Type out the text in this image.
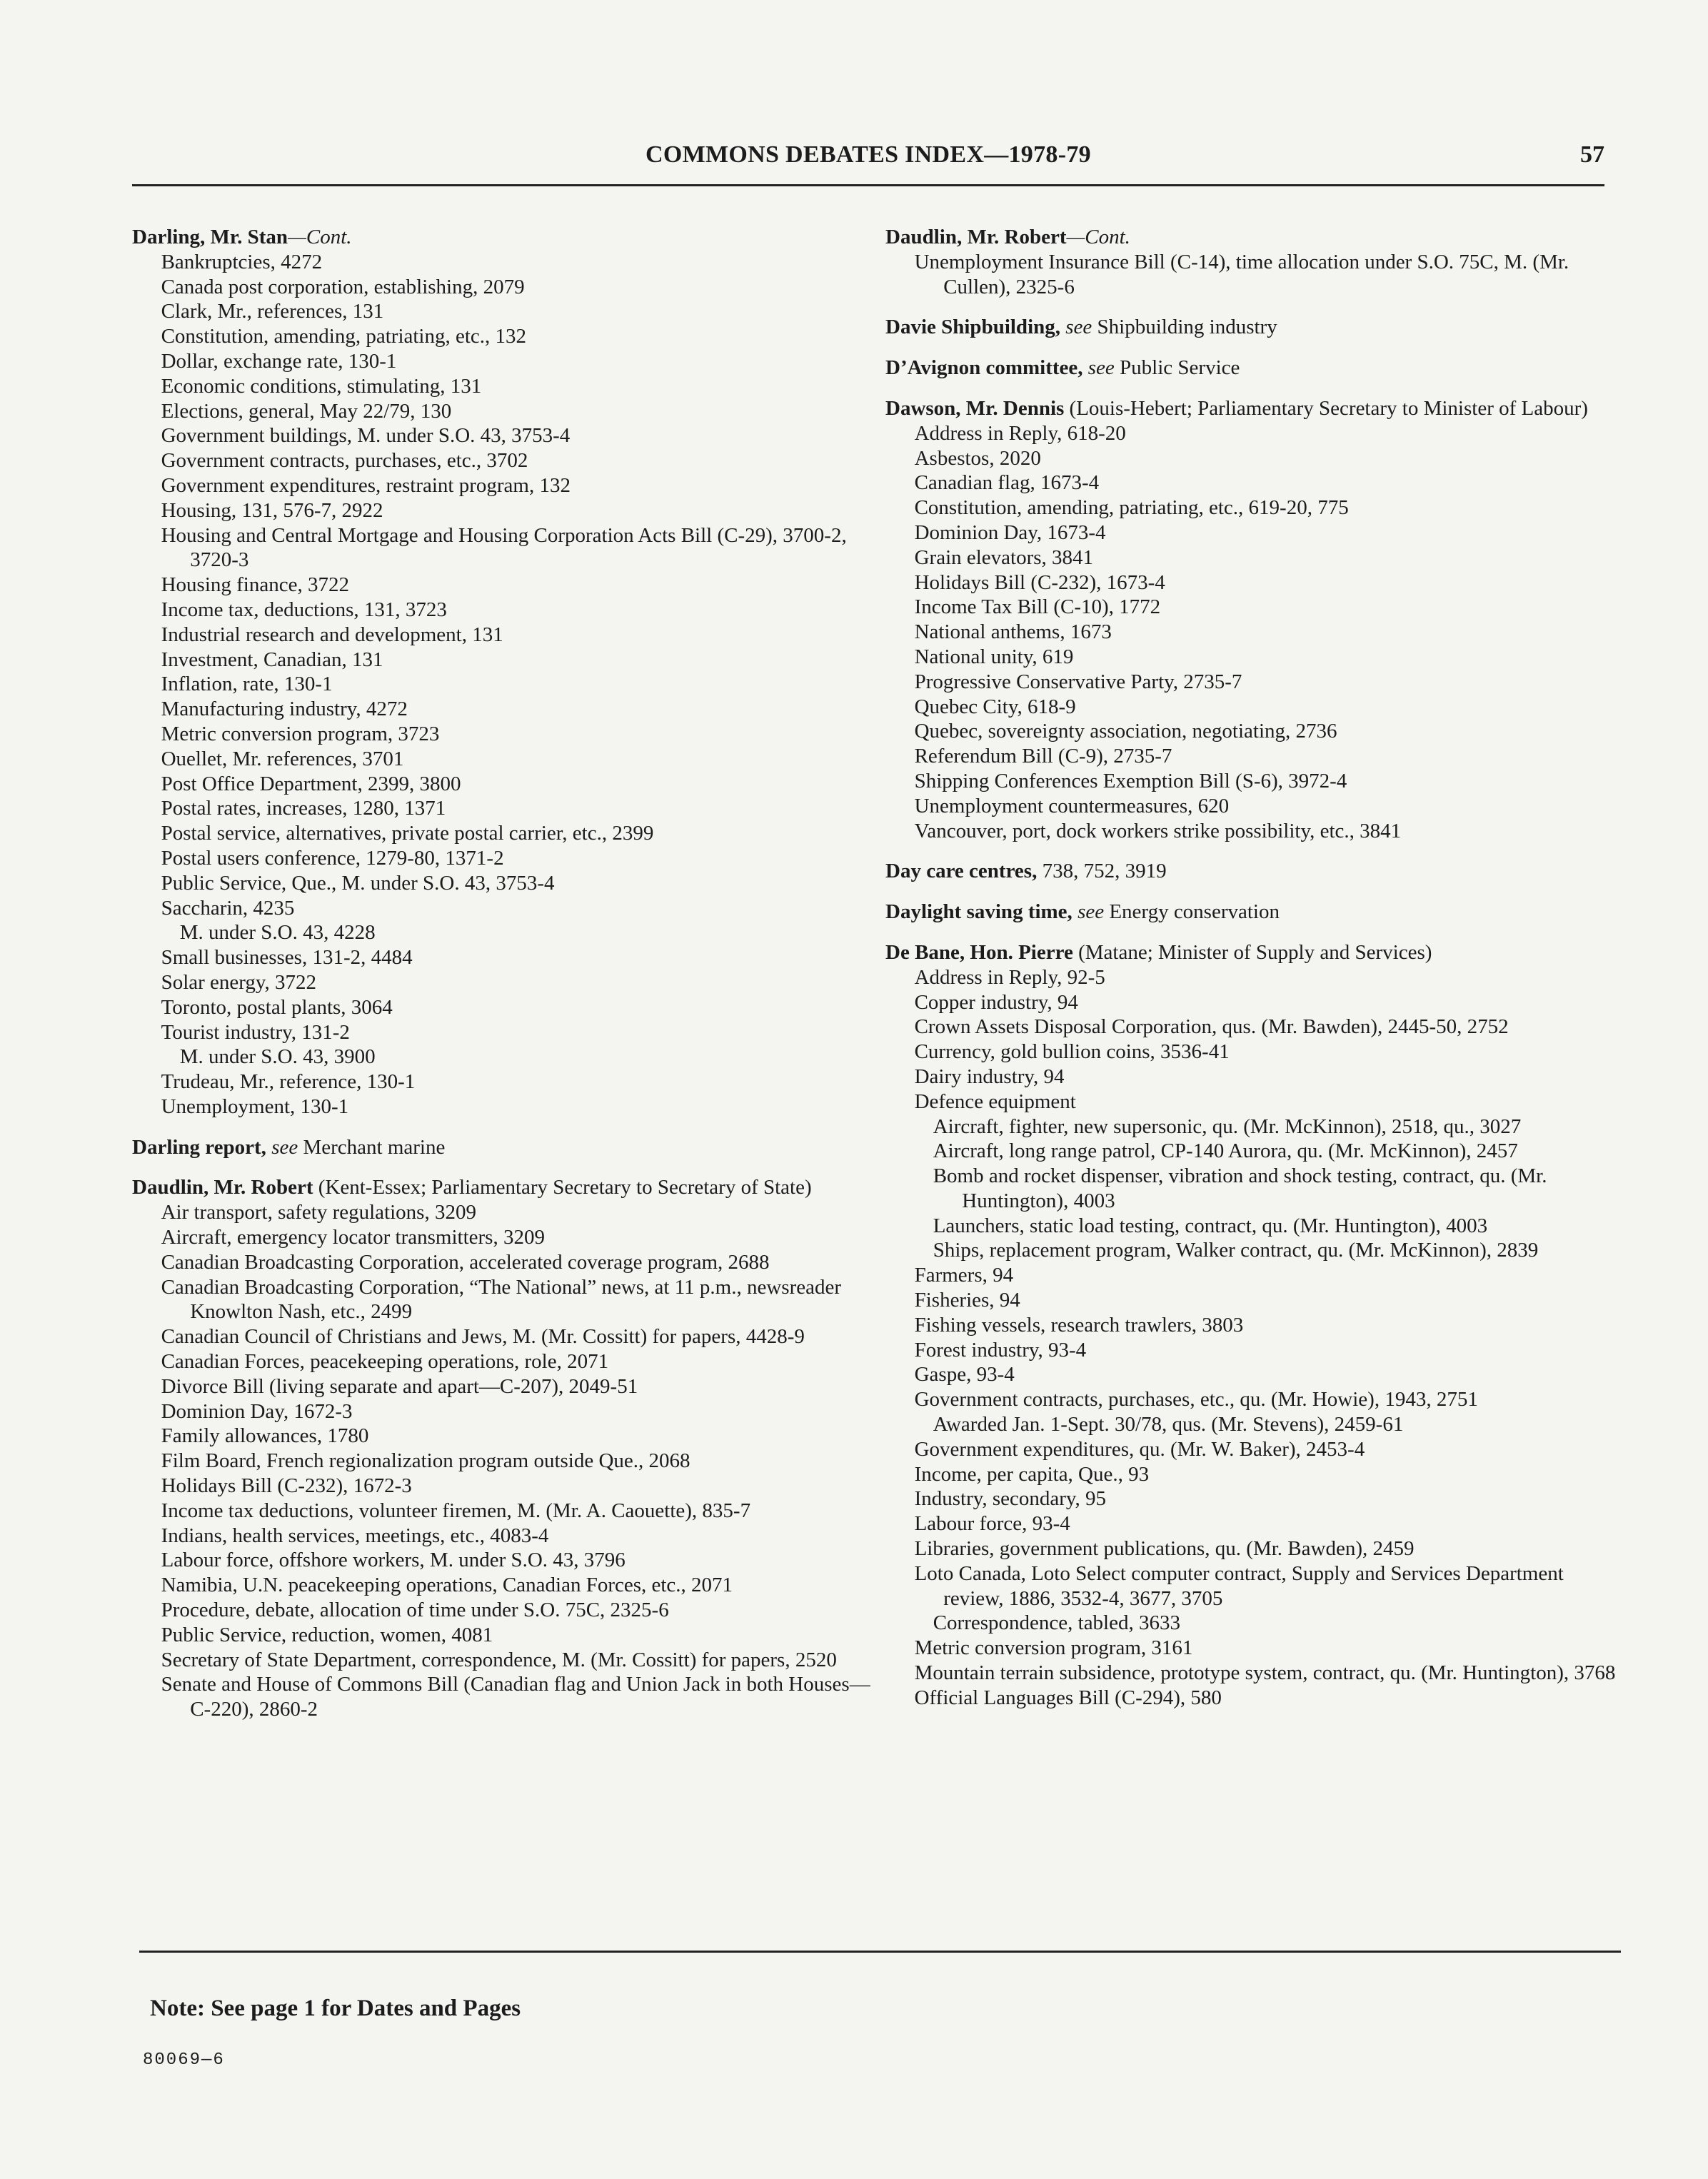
COMMONS DEBATES INDEX—1978-79	57
Darling, Mr. Stan—Cont.
Bankruptcies, 4272
Canada post corporation, establishing, 2079
Clark, Mr., references, 131
Constitution, amending, patriating, etc., 132
Dollar, exchange rate, 130-1
Economic conditions, stimulating, 131
Elections, general, May 22/79, 130
Government buildings, M. under S.O. 43, 3753-4
Government contracts, purchases, etc., 3702
Government expenditures, restraint program, 132
Housing, 131, 576-7, 2922
Housing and Central Mortgage and Housing Corporation Acts Bill (C-29), 3700-2, 3720-3
Housing finance, 3722
Income tax, deductions, 131, 3723
Industrial research and development, 131
Investment, Canadian, 131
Inflation, rate, 130-1
Manufacturing industry, 4272
Metric conversion program, 3723
Ouellet, Mr. references, 3701
Post Office Department, 2399, 3800
Postal rates, increases, 1280, 1371
Postal service, alternatives, private postal carrier, etc., 2399
Postal users conference, 1279-80, 1371-2
Public Service, Que., M. under S.O. 43, 3753-4
Saccharin, 4235
M. under S.O. 43, 4228
Small businesses, 131-2, 4484
Solar energy, 3722
Toronto, postal plants, 3064
Tourist industry, 131-2
M. under S.O. 43, 3900
Trudeau, Mr., reference, 130-1
Unemployment, 130-1
Darling report, see Merchant marine
Daudlin, Mr. Robert (Kent-Essex; Parliamentary Secretary to Secretary of State)
Air transport, safety regulations, 3209
Aircraft, emergency locator transmitters, 3209
Canadian Broadcasting Corporation, accelerated coverage program, 2688
Canadian Broadcasting Corporation, “The National” news, at 11 p.m., newsreader Knowlton Nash, etc., 2499
Canadian Council of Christians and Jews, M. (Mr. Cossitt) for papers, 4428-9
Canadian Forces, peacekeeping operations, role, 2071
Divorce Bill (living separate and apart—C-207), 2049-51
Dominion Day, 1672-3
Family allowances, 1780
Film Board, French regionalization program outside Que., 2068
Holidays Bill (C-232), 1672-3
Income tax deductions, volunteer firemen, M. (Mr. A. Caouette), 835-7
Indians, health services, meetings, etc., 4083-4
Labour force, offshore workers, M. under S.O. 43, 3796
Namibia, U.N. peacekeeping operations, Canadian Forces, etc., 2071
Procedure, debate, allocation of time under S.O. 75C, 2325-6
Public Service, reduction, women, 4081
Secretary of State Department, correspondence, M. (Mr. Cossitt) for papers, 2520
Senate and House of Commons Bill (Canadian flag and Union Jack in both Houses—C-220), 2860-2
Daudlin, Mr. Robert—Cont.
Unemployment Insurance Bill (C-14), time allocation under S.O. 75C, M. (Mr. Cullen), 2325-6
Davie Shipbuilding, see Shipbuilding industry
D’Avignon committee, see Public Service
Dawson, Mr. Dennis (Louis-Hebert; Parliamentary Secretary to Minister of Labour)
Address in Reply, 618-20
Asbestos, 2020
Canadian flag, 1673-4
Constitution, amending, patriating, etc., 619-20, 775
Dominion Day, 1673-4
Grain elevators, 3841
Holidays Bill (C-232), 1673-4
Income Tax Bill (C-10), 1772
National anthems, 1673
National unity, 619
Progressive Conservative Party, 2735-7
Quebec City, 618-9
Quebec, sovereignty association, negotiating, 2736
Referendum Bill (C-9), 2735-7
Shipping Conferences Exemption Bill (S-6), 3972-4
Unemployment countermeasures, 620
Vancouver, port, dock workers strike possibility, etc., 3841
Day care centres, 738, 752, 3919
Daylight saving time, see Energy conservation
De Bane, Hon. Pierre (Matane; Minister of Supply and Services)
Address in Reply, 92-5
Copper industry, 94
Crown Assets Disposal Corporation, qus. (Mr. Bawden), 2445-50, 2752
Currency, gold bullion coins, 3536-41
Dairy industry, 94
Defence equipment
Aircraft, fighter, new supersonic, qu. (Mr. McKinnon), 2518, qu., 3027
Aircraft, long range patrol, CP-140 Aurora, qu. (Mr. McKinnon), 2457
Bomb and rocket dispenser, vibration and shock testing, contract, qu. (Mr. Huntington), 4003
Launchers, static load testing, contract, qu. (Mr. Huntington), 4003
Ships, replacement program, Walker contract, qu. (Mr. McKinnon), 2839
Farmers, 94
Fisheries, 94
Fishing vessels, research trawlers, 3803
Forest industry, 93-4
Gaspe, 93-4
Government contracts, purchases, etc., qu. (Mr. Howie), 1943, 2751
Awarded Jan. 1-Sept. 30/78, qus. (Mr. Stevens), 2459-61
Government expenditures, qu. (Mr. W. Baker), 2453-4
Income, per capita, Que., 93
Industry, secondary, 95
Labour force, 93-4
Libraries, government publications, qu. (Mr. Bawden), 2459
Loto Canada, Loto Select computer contract, Supply and Services Department review, 1886, 3532-4, 3677, 3705
Correspondence, tabled, 3633
Metric conversion program, 3161
Mountain terrain subsidence, prototype system, contract, qu. (Mr. Huntington), 3768
Official Languages Bill (C-294), 580
Note: See page 1 for Dates and Pages
80069—6
